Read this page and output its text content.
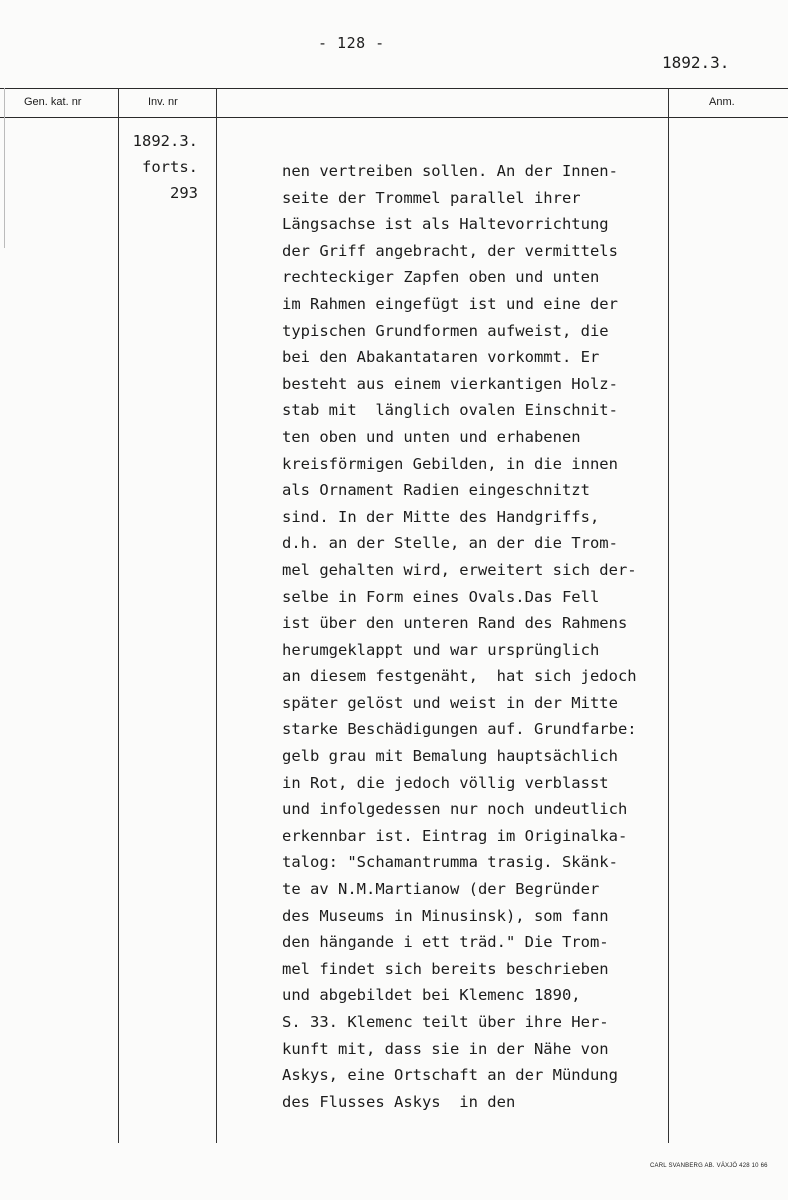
- 128 -
1892.3.
Gen. kat. nr	Inv. nr	Anm.
1892.3.
forts.
293
nen vertreiben sollen. An der Innen-
seite der Trommel parallel ihrer
Längsachse ist als Haltevorrichtung
der Griff angebracht, der vermittels
rechteckiger Zapfen oben und unten
im Rahmen eingefügt ist und eine der
typischen Grundformen aufweist, die
bei den Abakantataren vorkommt. Er
besteht aus einem vierkantigen Holz-
stab mit  länglich ovalen Einschnit-
ten oben und unten und erhabenen
kreisförmigen Gebilden, in die innen
als Ornament Radien eingeschnitzt
sind. In der Mitte des Handgriffs,
d.h. an der Stelle, an der die Trom-
mel gehalten wird, erweitert sich der-
selbe in Form eines Ovals.Das Fell
ist über den unteren Rand des Rahmens
herumgeklappt und war ursprünglich
an diesem festgenäht,  hat sich jedoch
später gelöst und weist in der Mitte
starke Beschädigungen auf. Grundfarbe:
gelb grau mit Bemalung hauptsächlich
in Rot, die jedoch völlig verblasst
und infolgedessen nur noch undeutlich
erkennbar ist. Eintrag im Originalka-
talog: "Schamantrumma trasig. Skänk-
te av N.M.Martianow (der Begründer
des Museums in Minusinsk), som fann
den hängande i ett träd." Die Trom-
mel findet sich bereits beschrieben
und abgebildet bei Klemenc 1890,
S. 33. Klemenc teilt über ihre Her-
kunft mit, dass sie in der Nähe von
Askys, eine Ortschaft an der Mündung
des Flusses Askys  in den
CARL SVANBERG AB. VÄXJÖ 428 10 66
